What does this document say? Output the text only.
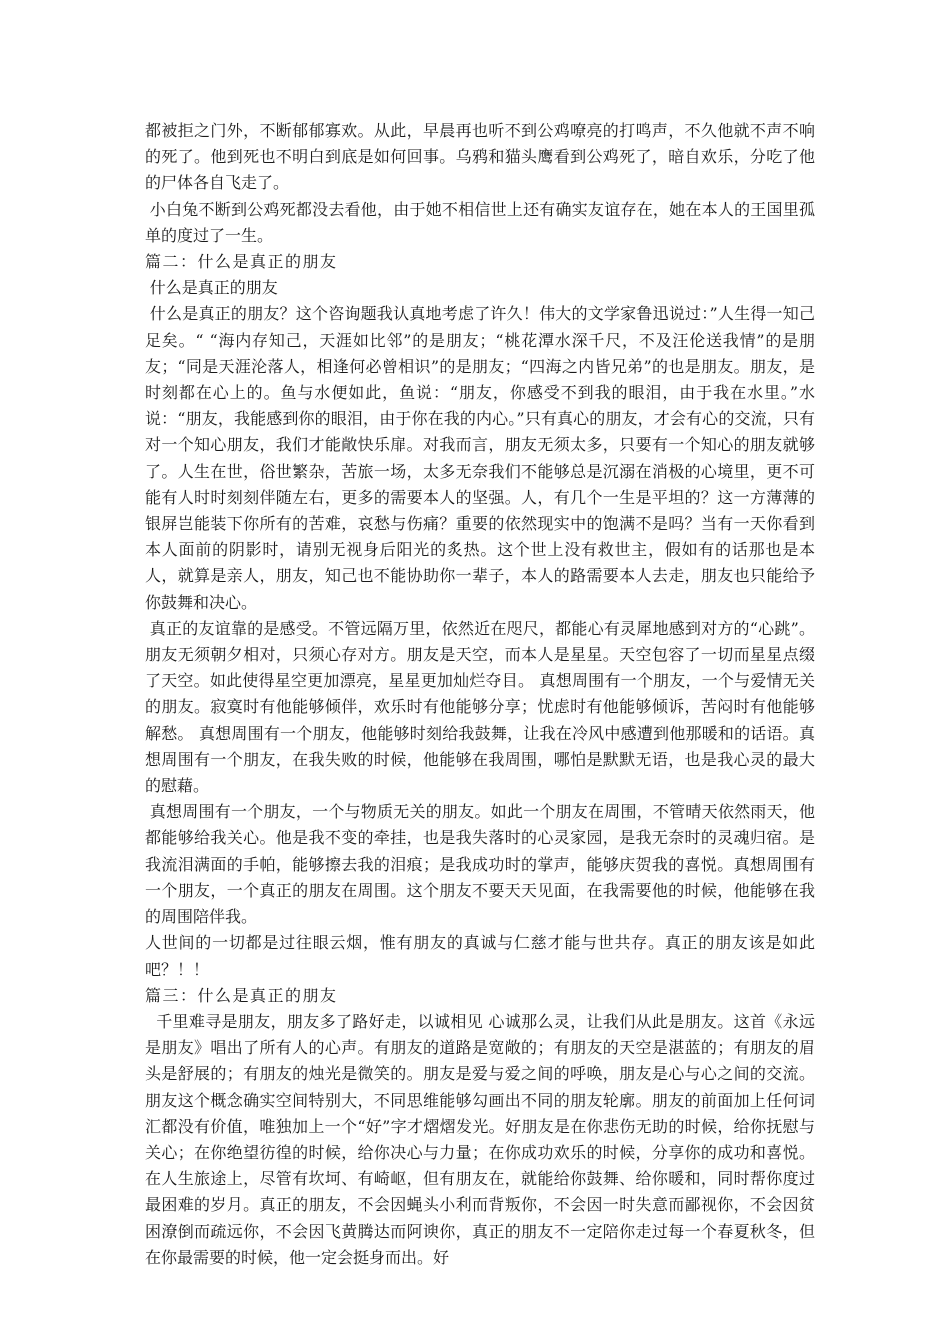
都被拒之门外，不断郁郁寡欢。从此，早晨再也听不到公鸡嘹亮的打鸣声，不久他就不声不响的死了。他到死也不明白到底是如何回事。乌鸦和猫头鹰看到公鸡死了，暗自欢乐，分吃了他的尸体各自飞走了。

小白兔不断到公鸡死都没去看他，由于她不相信世上还有确实友谊存在，她在本人的王国里孤单的度过了一生。

篇二：什么是真正的朋友

什么是真正的朋友

什么是真正的朋友？这个咨询题我认真地考虑了许久！伟大的文学家鲁迅说过：”人生得一知己足矣。“ “海内存知己，天涯如比邻”的是朋友；“桃花潭水深千尺，不及汪伦送我情”的是朋友；“同是天涯沦落人，相逢何必曾相识”的是朋友；“四海之内皆兄弟”的也是朋友。朋友，是时刻都在心上的。鱼与水便如此，鱼说：“朋友，你感受不到我的眼泪，由于我在水里。”水说：“朋友，我能感到你的眼泪，由于你在我的内心。”只有真心的朋友，才会有心的交流，只有对一个知心朋友，我们才能敞快乐扉。对我而言，朋友无须太多，只要有一个知心的朋友就够了。人生在世，俗世繁杂，苦旅一场，太多无奈我们不能够总是沉溺在消极的心境里，更不可能有人时时刻刻伴随左右，更多的需要本人的坚强。人，有几个一生是平坦的？这一方薄薄的银屏岂能装下你所有的苦难，哀愁与伤痛？重要的依然现实中的饱满不是吗？当有一天你看到本人面前的阴影时，请别无视身后阳光的炙热。这个世上没有救世主，假如有的话那也是本人，就算是亲人，朋友，知己也不能协助你一辈子，本人的路需要本人去走，朋友也只能给予你鼓舞和决心。

真正的友谊靠的是感受。不管远隔万里，依然近在咫尺，都能心有灵犀地感到对方的“心跳”。朋友无须朝夕相对，只须心存对方。朋友是天空，而本人是星星。天空包容了一切而星星点缀了天空。如此使得星空更加漂亮，星星更加灿烂夺目。 真想周围有一个朋友，一个与爱情无关的朋友。寂寞时有他能够倾伴，欢乐时有他能够分享；忧虑时有他能够倾诉，苦闷时有他能够解愁。 真想周围有一个朋友，他能够时刻给我鼓舞，让我在冷风中感遭到他那暖和的话语。真想周围有一个朋友，在我失败的时候，他能够在我周围，哪怕是默默无语，也是我心灵的最大的慰藉。

真想周围有一个朋友，一个与物质无关的朋友。如此一个朋友在周围，不管晴天依然雨天，他都能够给我关心。他是我不变的牵挂，也是我失落时的心灵家园，是我无奈时的灵魂归宿。是我流泪满面的手帕，能够擦去我的泪痕；是我成功时的掌声，能够庆贺我的喜悦。真想周围有一个朋友，一个真正的朋友在周围。这个朋友不要天天见面，在我需要他的时候，他能够在我的周围陪伴我。

人世间的一切都是过往眼云烟，惟有朋友的真诚与仁慈才能与世共存。真正的朋友该是如此吧？！！

篇三：什么是真正的朋友

千里难寻是朋友，朋友多了路好走，以诚相见 心诚那么灵，让我们从此是朋友。这首《永远是朋友》唱出了所有人的心声。有朋友的道路是宽敞的；有朋友的天空是湛蓝的；有朋友的眉头是舒展的；有朋友的烛光是微笑的。朋友是爱与爱之间的呼唤，朋友是心与心之间的交流。朋友这个概念确实空间特别大，不同思维能够勾画出不同的朋友轮廓。朋友的前面加上任何词汇都没有价值，唯独加上一个“好”字才熠熠发光。好朋友是在你悲伤无助的时候，给你抚慰与关心；在你绝望彷徨的时候，给你决心与力量；在你成功欢乐的时候，分享你的成功和喜悦。在人生旅途上，尽管有坎坷、有崎岖，但有朋友在，就能给你鼓舞、给你暖和，同时帮你度过最困难的岁月。真正的朋友，不会因蝇头小利而背叛你，不会因一时失意而鄙视你，不会因贫困潦倒而疏远你，不会因飞黄腾达而阿谀你，真正的朋友不一定陪你走过每一个春夏秋冬，但在你最需要的时候，他一定会挺身而出。好
